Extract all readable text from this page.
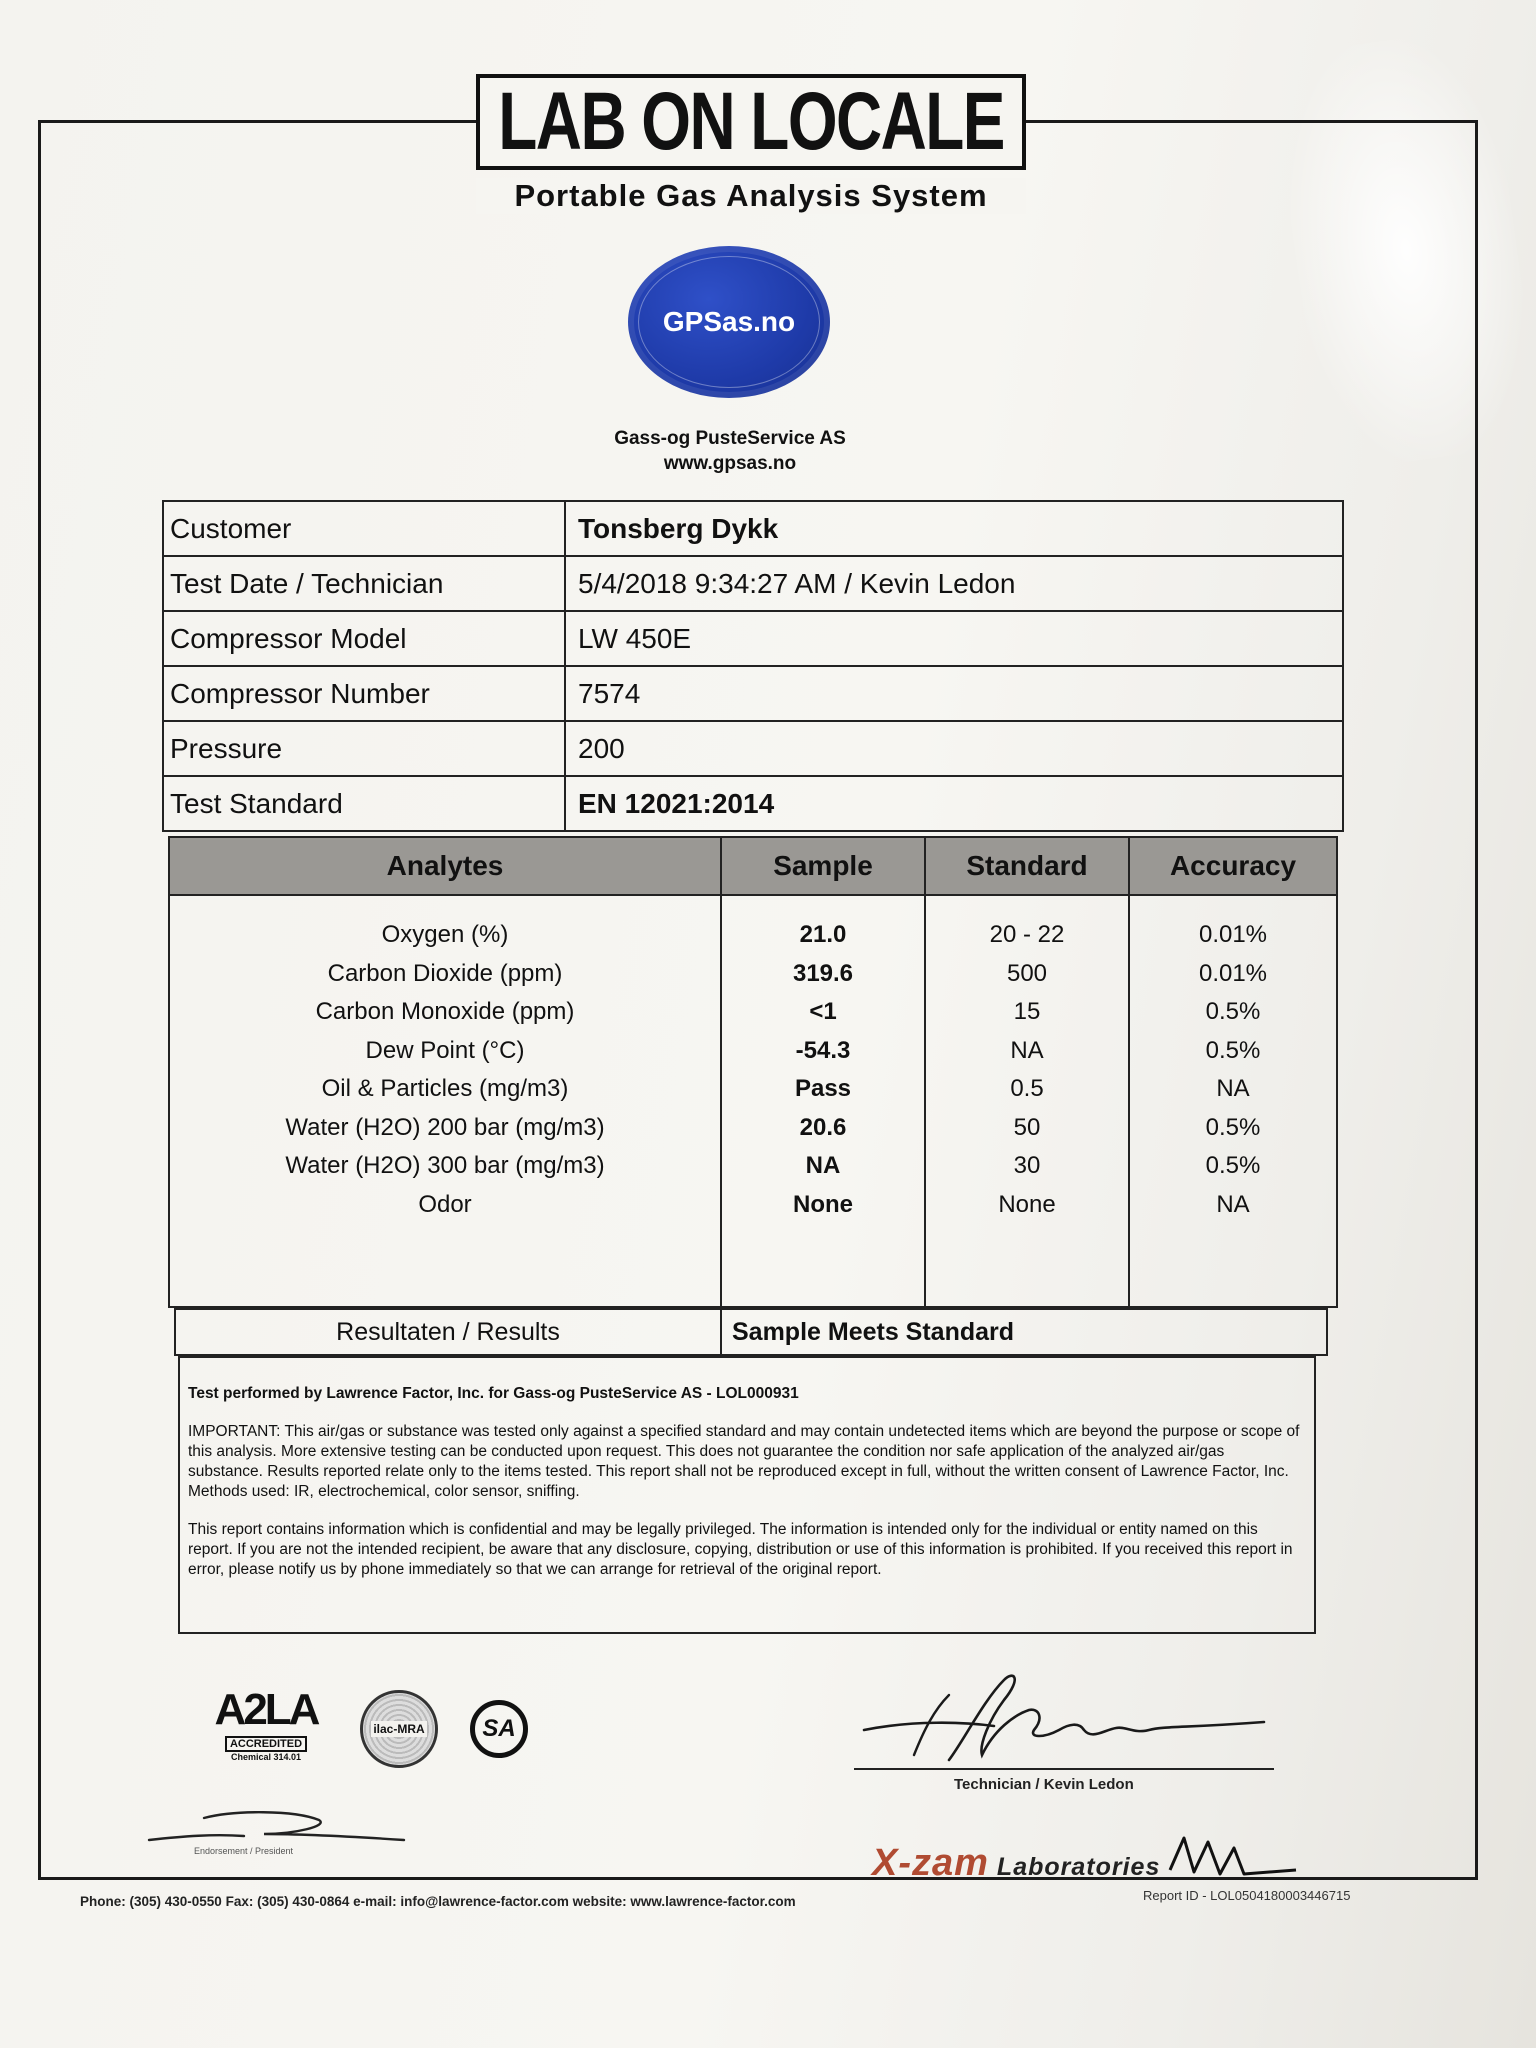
LAB ON LOCALE
Portable Gas Analysis System
GPSas.no
Gass-og PusteService AS
www.gpsas.no
Customer	Tonsberg Dykk
Test Date / Technician	5/4/2018 9:34:27 AM / Kevin Ledon
Compressor Model	LW 450E
Compressor Number	7574
Pressure	200
Test Standard	EN 12021:2014
Analytes	Sample	Standard	Accuracy
Oxygen (%)	21.0	20 - 22	0.01%
Carbon Dioxide (ppm)	319.6	500	0.01%
Carbon Monoxide (ppm)	<1	15	0.5%
Dew Point (°C)	-54.3	NA	0.5%
Oil & Particles (mg/m3)	Pass	0.5	NA
Water (H2O) 200 bar (mg/m3)	20.6	50	0.5%
Water (H2O) 300 bar (mg/m3)	NA	30	0.5%
Odor	None	None	NA
Resultaten / Results	Sample Meets Standard

Test performed by Lawrence Factor, Inc. for Gass-og PusteService AS - LOL000931

IMPORTANT: This air/gas or substance was tested only against a specified standard and may contain undetected items which are beyond the purpose or scope of this analysis. More extensive testing can be conducted upon request. This does not guarantee the condition nor safe application of the analyzed air/gas substance. Results reported relate only to the items tested. This report shall not be reproduced except in full, without the written consent of Lawrence Factor, Inc. Methods used: IR, electrochemical, color sensor, sniffing.

This report contains information which is confidential and may be legally privileged. The information is intended only for the individual or entity named on this report. If you are not the intended recipient, be aware that any disclosure, copying, distribution or use of this information is prohibited. If you received this report in error, please notify us by phone immediately so that we can arrange for retrieval of the original report.

A2LA
ACCREDITED
Chemical 314.01
ilac-MRA SA
Technician / Kevin Ledon
Endorsement / President	X-zam Laboratories
Phone: (305) 430-0550 Fax: (305) 430-0864 e-mail: info@lawrence-factor.com website: www.lawrence-factor.com	Report ID - LOL0504180003446715
